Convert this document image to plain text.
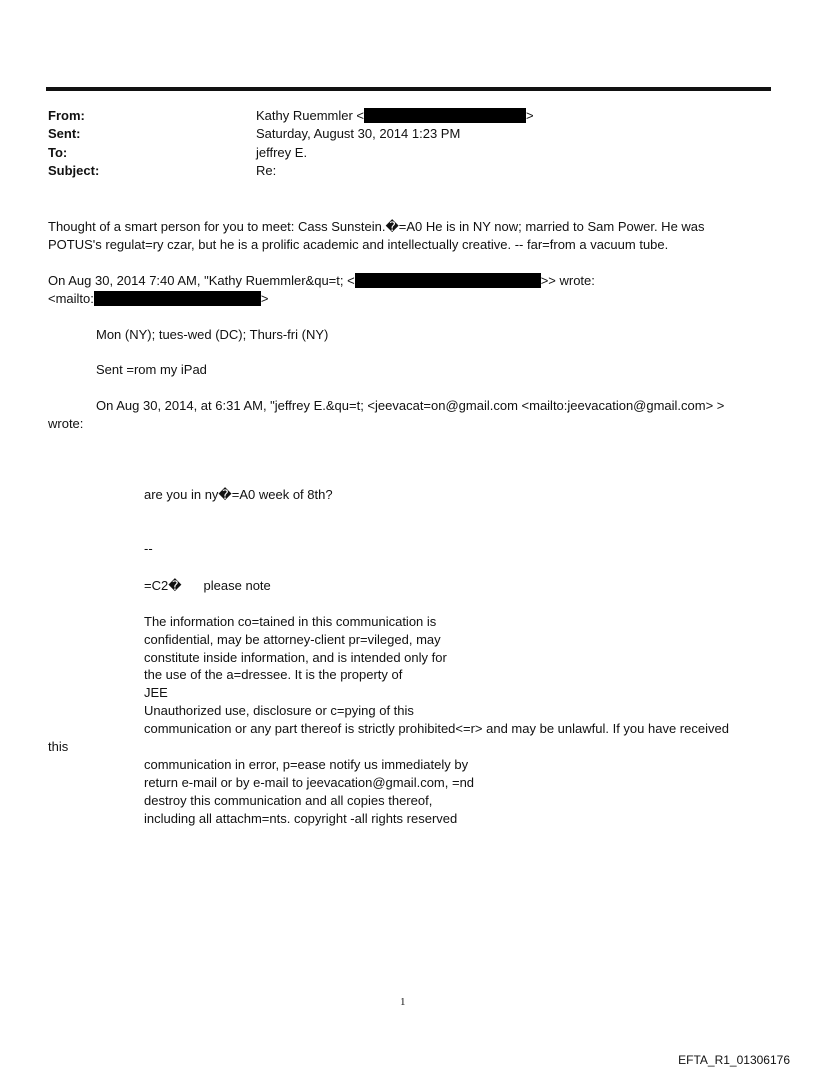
From:	Kathy Ruemmler <	>
Sent:	Saturday, August 30, 2014 1:23 PM
To:	jeffrey E.
Subject:	Re:
Thought of a smart person for you to meet: Cass Sunstein.�=A0 He is in NY now; married to Sam Power. He was
POTUS's regulat=ry czar, but he is a prolific academic and intellectually creative. -- far=from a vacuum tube.
On Aug 30, 2014 7:40 AM, "Kathy Ruemmler&qu=t; <	>> wrote:
<mailto:	>
Mon (NY); tues-wed (DC); Thurs-fri (NY)
Sent =rom my iPad
On Aug 30, 2014, at 6:31 AM, "jeffrey E.&qu=t; <jeevacat=on@gmail.com <mailto:jeevacation@gmail.com> >
wrote:
are you in ny�=A0 week of 8th?
--
=C2� please note
The information co=tained in this communication is
confidential, may be attorney-client pr=vileged, may
constitute inside information, and is intended only for
the use of the a=dressee. It is the property of
JEE
Unauthorized use, disclosure or c=pying of this
communication or any part thereof is strictly prohibited<=r> and may be unlawful. If you have received
this
communication in error, p=ease notify us immediately by
return e-mail or by e-mail to jeevacation@gmail.com, =nd
destroy this communication and all copies thereof,
including all attachm=nts. copyright -all rights reserved
1
EFTA_R1_01306176
